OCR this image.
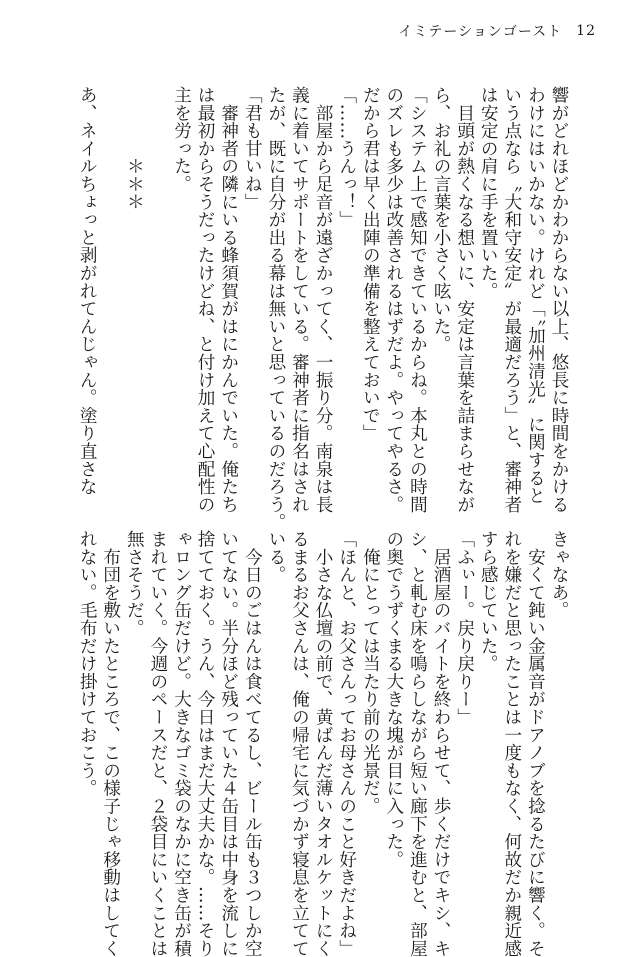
イミテーションゴースト 12
響がどれほどかわからない以上、悠長に時間をかける
わけにはいかない。けれど「〝加州清光〟に関すると
いう点なら〝大和守安定〟が最適だろう」と、審神者
は安定の肩に手を置いた。
　目頭が熱くなる想いに、安定は言葉を詰まらせなが
ら、お礼の言葉を小さく呟いた。
「システム上で感知できているからね。本丸との時間
のズレも多少は改善されるはずだよ。やってやるさ。
だから君は早く出陣の準備を整えておいで」
「……うんっ！」
　部屋から足音が遠ざかってく、一振り分。南泉は長
義に着いてサポートをしている。審神者に指名はされ
たが、既に自分が出る幕は無いと思っているのだろう。
「君も甘いね」
　審神者の隣にいる蜂須賀がはにかんでいた。俺たち
は最初からそうだったけどね、と付け加えて心配性の
主を労った。

　　　　＊＊＊

あ、ネイルちょっと剥がれてんじゃん。塗り直さな
きゃなあ。
　安くて鈍い金属音がドアノブを捻るたびに響く。そ
れを嫌だと思ったことは一度もなく、何故だか親近感
すら感じていた。
「ふぃー。戻り戻りー」
　居酒屋のバイトを終わらせて、歩くだけでキシ、キ
シ、と軋む床を鳴らしながら短い廊下を進むと、部屋
の奥でうずくまる大きな塊が目に入った。
　俺にとっては当たり前の光景だ。
「ほんと、お父さんってお母さんのこと好きだよね」
　小さな仏壇の前で、黄ばんだ薄いタオルケットにく
るまるお父さんは、俺の帰宅に気づかず寝息を立てて
いる。
　今日のごはんは食べてるし、ビール缶も３つしか空
いてない。半分ほど残っていた４缶目は中身を流しに
捨てておく。うん、今日はまだ大丈夫かな。……そり
ゃロング缶だけど。大きなゴミ袋のなかに空き缶が積
まれていく。今週のペースだと、２袋目にいくことは
無さそうだ。
　布団を敷いたところで、この様子じゃ移動はしてく
れない。毛布だけ掛けておこう。
